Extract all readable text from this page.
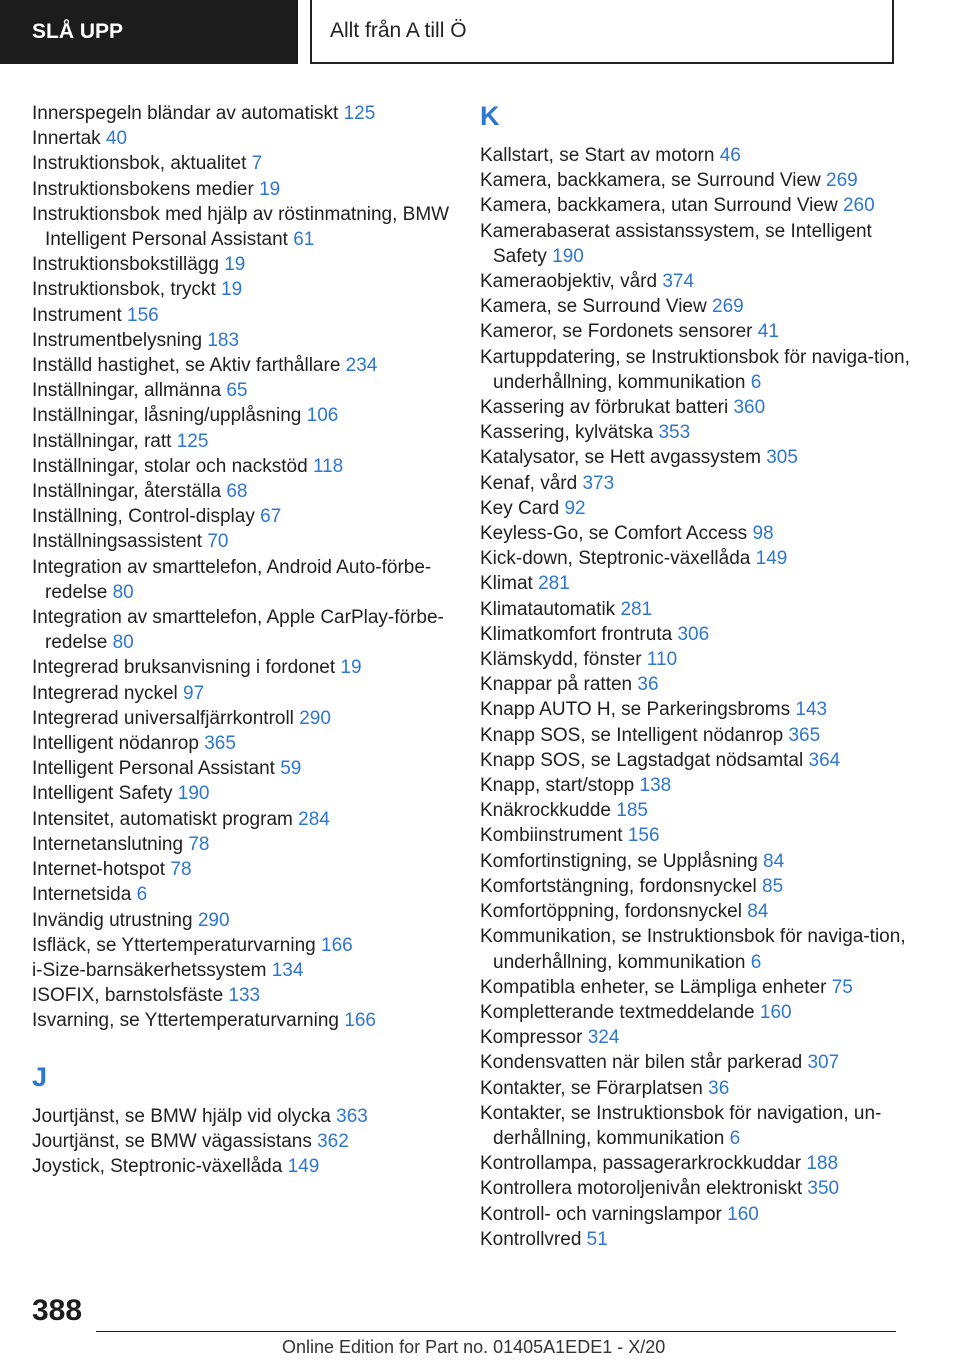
SLÅ UPP	Allt från A till Ö
Innerspegeln bländar av automatiskt 125
Innertak 40
Instruktionsbok, aktualitet 7
Instruktionsbokens medier 19
Instruktionsbok med hjälp av röstinmatning, BMW Intelligent Personal Assistant 61
Instruktionsbokstillägg 19
Instruktionsbok, tryckt 19
Instrument 156
Instrumentbelysning 183
Inställd hastighet, se Aktiv farthållare 234
Inställningar, allmänna 65
Inställningar, låsning/upplåsning 106
Inställningar, ratt 125
Inställningar, stolar och nackstöd 118
Inställningar, återställa 68
Inställning, Control-display 67
Inställningsassistent 70
Integration av smarttelefon, Android Auto-förbe-redelse 80
Integration av smarttelefon, Apple CarPlay-förbe-redelse 80
Integrerad bruksanvisning i fordonet 19
Integrerad nyckel 97
Integrerad universalfjärrkontroll 290
Intelligent nödanrop 365
Intelligent Personal Assistant 59
Intelligent Safety 190
Intensitet, automatiskt program 284
Internetanslutning 78
Internet-hotspot 78
Internetsida 6
Invändig utrustning 290
Isfläck, se Yttertemperaturvarning 166
i-Size-barnsäkerhetssystem 134
ISOFIX, barnstolsfäste 133
Isvarning, se Yttertemperaturvarning 166
J
Jourtjänst, se BMW hjälp vid olycka 363
Jourtjänst, se BMW vägassistans 362
Joystick, Steptronic-växellåda 149
K
Kallstart, se Start av motorn 46
Kamera, backkamera, se Surround View 269
Kamera, backkamera, utan Surround View 260
Kamerabaserat assistanssystem, se Intelligent Safety 190
Kameraobjektiv, vård 374
Kamera, se Surround View 269
Kameror, se Fordonets sensorer 41
Kartuppdatering, se Instruktionsbok för naviga-tion, underhållning, kommunikation 6
Kassering av förbrukat batteri 360
Kassering, kylvätska 353
Katalysator, se Hett avgassystem 305
Kenaf, vård 373
Key Card 92
Keyless-Go, se Comfort Access 98
Kick-down, Steptronic-växellåda 149
Klimat 281
Klimatautomatik 281
Klimatkomfort frontruta 306
Klämskydd, fönster 110
Knappar på ratten 36
Knapp AUTO H, se Parkeringsbroms 143
Knapp SOS, se Intelligent nödanrop 365
Knapp SOS, se Lagstadgat nödsamtal 364
Knapp, start/stopp 138
Knäkrockkudde 185
Kombiinstrument 156
Komfortinstigning, se Upplåsning 84
Komfortstängning, fordonsnyckel 85
Komfortöppning, fordonsnyckel 84
Kommunikation, se Instruktionsbok för naviga-tion, underhållning, kommunikation 6
Kompatibla enheter, se Lämpliga enheter 75
Kompletterande textmeddelande 160
Kompressor 324
Kondensvatten när bilen står parkerad 307
Kontakter, se Förarplatsen 36
Kontakter, se Instruktionsbok för navigation, un-derhållning, kommunikation 6
Kontrollampa, passagerarkrockkuddar 188
Kontrollera motoroljenivån elektroniskt 350
Kontroll- och varningslampor 160
Kontrollvred 51
388
Online Edition for Part no. 01405A1EDE1 - X/20
